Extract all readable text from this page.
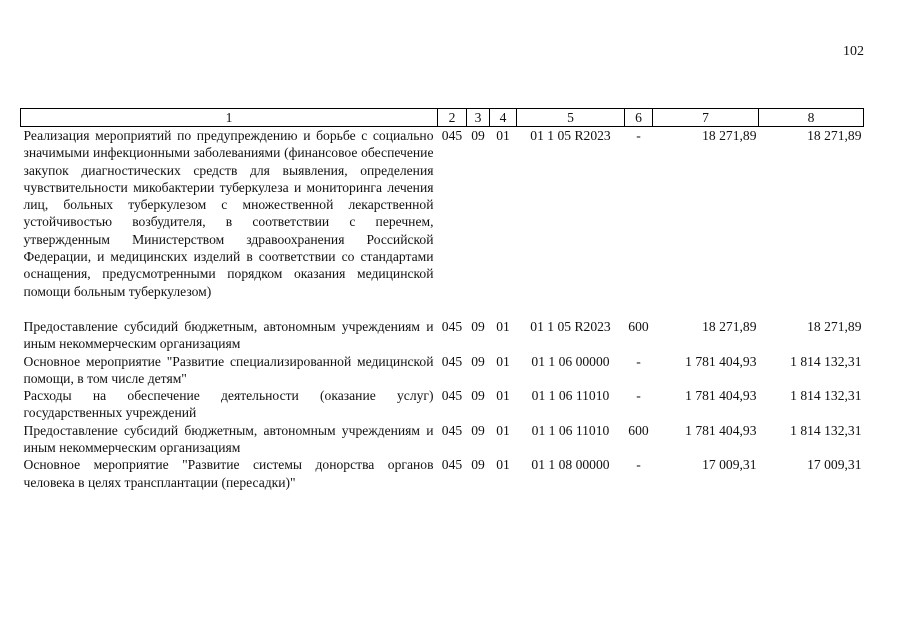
102
1	2	3	4	5	6	7	8
Реализация мероприятий по предупреждению и борьбе с социально значимыми инфекционными заболеваниями (финансовое обеспечение закупок диагностических средств для выявления, определения чувствительности микобактерии туберкулеза и мониторинга лечения лиц, больных туберкулезом с множественной лекарственной устойчивостью возбудителя, в соответствии с перечнем, утвержденным Министерством здравоохранения Российской Федерации, и медицинских изделий в соответствии со стандартами оснащения, предусмотренными порядком оказания медицинской помощи больным туберкулезом)	045	09	01	01 1 05 R2023	-	18 271,89	18 271,89

Предоставление субсидий бюджетным, автономным учреждениям и иным некоммерческим организациям	045	09	01	01 1 05 R2023	600	18 271,89	18 271,89
Основное мероприятие "Развитие специализированной медицинской помощи, в том числе детям"	045	09	01	01 1 06 00000	-	1 781 404,93	1 814 132,31
Расходы на обеспечение деятельности (оказание услуг) государственных учреждений	045	09	01	01 1 06 11010	-	1 781 404,93	1 814 132,31
Предоставление субсидий бюджетным, автономным учреждениям и иным некоммерческим организациям	045	09	01	01 1 06 11010	600	1 781 404,93	1 814 132,31
Основное мероприятие "Развитие системы донорства органов человека в целях трансплантации (пересадки)"	045	09	01	01 1 08 00000	-	17 009,31	17 009,31
